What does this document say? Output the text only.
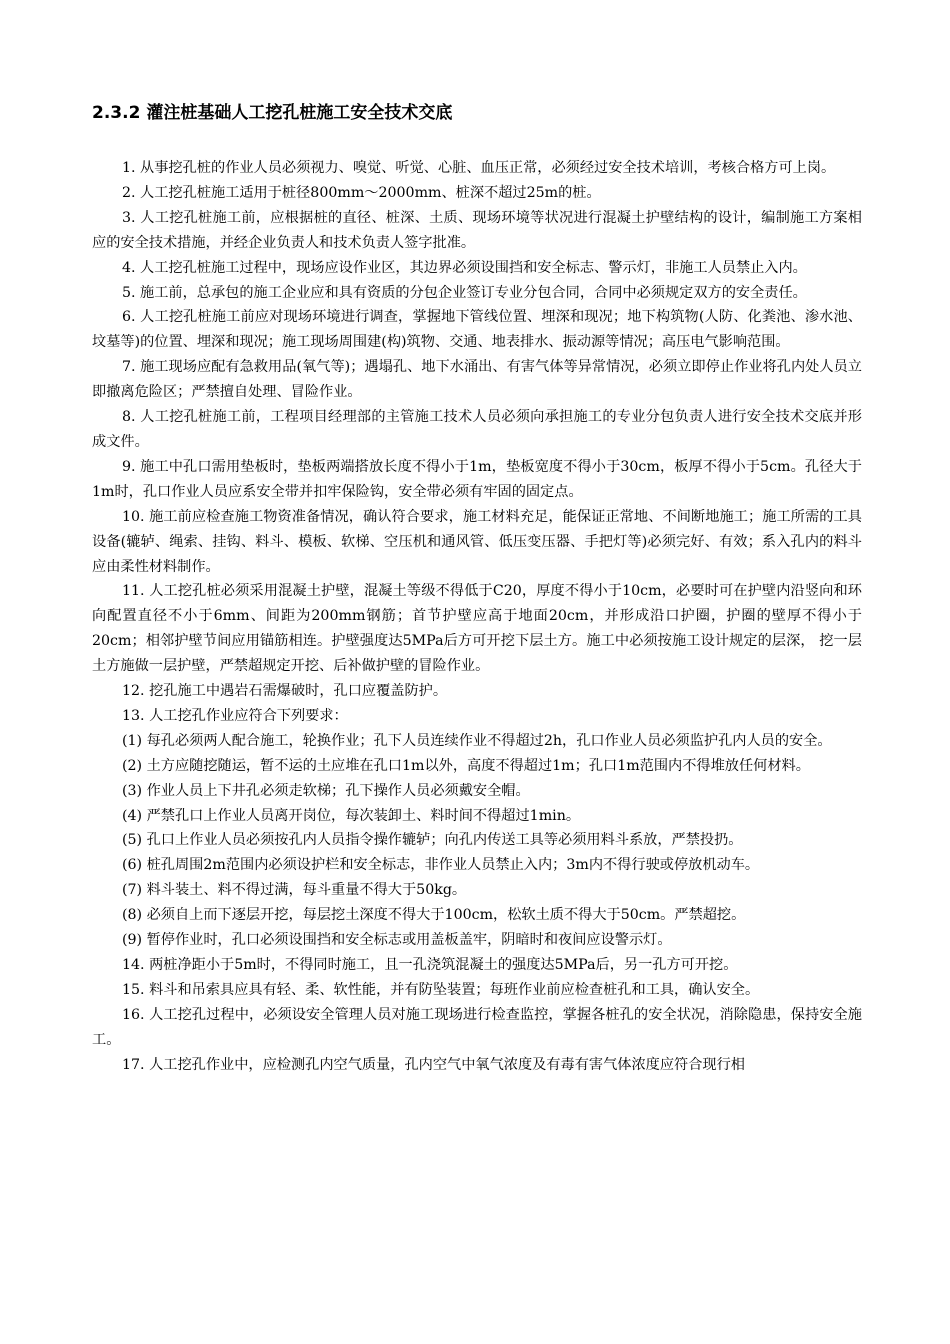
2.3.2 灌注桩基础人工挖孔桩施工安全技术交底

1. 从事挖孔桩的作业人员必须视力、嗅觉、听觉、心脏、血压正常，必须经过安全技术培训，考核合格方可上岗。

2. 人工挖孔桩施工适用于桩径800mm～2000mm、桩深不超过25m的桩。

3. 人工挖孔桩施工前，应根据桩的直径、桩深、土质、现场环境等状况进行混凝土护壁结构的设计，编制施工方案相应的安全技术措施，并经企业负责人和技术负责人签字批准。

4. 人工挖孔桩施工过程中，现场应设作业区，其边界必须设围挡和安全标志、警示灯，非施工人员禁止入内。

5. 施工前，总承包的施工企业应和具有资质的分包企业签订专业分包合同，合同中必须规定双方的安全责任。

6. 人工挖孔桩施工前应对现场环境进行调查，掌握地下管线位置、埋深和现况；地下构筑物(人防、化粪池、渗水池、坟墓等)的位置、埋深和现况；施工现场周围建(构)筑物、交通、地表排水、振动源等情况；高压电气影响范围。

7. 施工现场应配有急救用品(氧气等)；遇塌孔、地下水涌出、有害气体等异常情况，必须立即停止作业将孔内处人员立即撤离危险区；严禁擅自处理、冒险作业。

8. 人工挖孔桩施工前，工程项目经理部的主管施工技术人员必须向承担施工的专业分包负责人进行安全技术交底并形成文件。

9. 施工中孔口需用垫板时，垫板两端搭放长度不得小于1m，垫板宽度不得小于30cm，板厚不得小于5cm。孔径大于1m时，孔口作业人员应系安全带并扣牢保险钩，安全带必须有牢固的固定点。

10. 施工前应检查施工物资准备情况，确认符合要求，施工材料充足，能保证正常地、不间断地施工；施工所需的工具设备(辘轳、绳索、挂钩、料斗、模板、软梯、空压机和通风管、低压变压器、手把灯等)必须完好、有效；系入孔内的料斗应由柔性材料制作。

11. 人工挖孔桩必须采用混凝土护壁，混凝土等级不得低于C20，厚度不得小于10cm，必要时可在护壁内沿竖向和环向配置直径不小于6mm、间距为200mm钢筋；首节护壁应高于地面20cm，并形成沿口护圈，护圈的壁厚不得小于20cm；相邻护壁节间应用锚筋相连。护壁强度达5MPa后方可开挖下层土方。施工中必须按施工设计规定的层深， 挖一层土方施做一层护壁，严禁超规定开挖、后补做护壁的冒险作业。

12. 挖孔施工中遇岩石需爆破时，孔口应覆盖防护。

13. 人工挖孔作业应符合下列要求：

(1) 每孔必须两人配合施工，轮换作业；孔下人员连续作业不得超过2h，孔口作业人员必须监护孔内人员的安全。

(2) 土方应随挖随运，暂不运的土应堆在孔口1m以外，高度不得超过1m；孔口1m范围内不得堆放任何材料。

(3) 作业人员上下井孔必须走软梯；孔下操作人员必须戴安全帽。

(4) 严禁孔口上作业人员离开岗位，每次装卸土、料时间不得超过1min。

(5) 孔口上作业人员必须按孔内人员指令操作辘轳；向孔内传送工具等必须用料斗系放，严禁投扔。

(6) 桩孔周围2m范围内必须设护栏和安全标志，非作业人员禁止入内；3m内不得行驶或停放机动车。

(7) 料斗装土、料不得过满，每斗重量不得大于50kg。

(8) 必须自上而下逐层开挖，每层挖土深度不得大于100cm，松软土质不得大于50cm。严禁超挖。

(9) 暂停作业时，孔口必须设围挡和安全标志或用盖板盖牢，阴暗时和夜间应设警示灯。

14. 两桩净距小于5m时，不得同时施工，且一孔浇筑混凝土的强度达5MPa后，另一孔方可开挖。

15. 料斗和吊索具应具有轻、柔、软性能，并有防坠装置；每班作业前应检查桩孔和工具，确认安全。

16. 人工挖孔过程中，必须设安全管理人员对施工现场进行检查监控，掌握各桩孔的安全状况，消除隐患，保持安全施工。

17. 人工挖孔作业中，应检测孔内空气质量，孔内空气中氧气浓度及有毒有害气体浓度应符合现行相
